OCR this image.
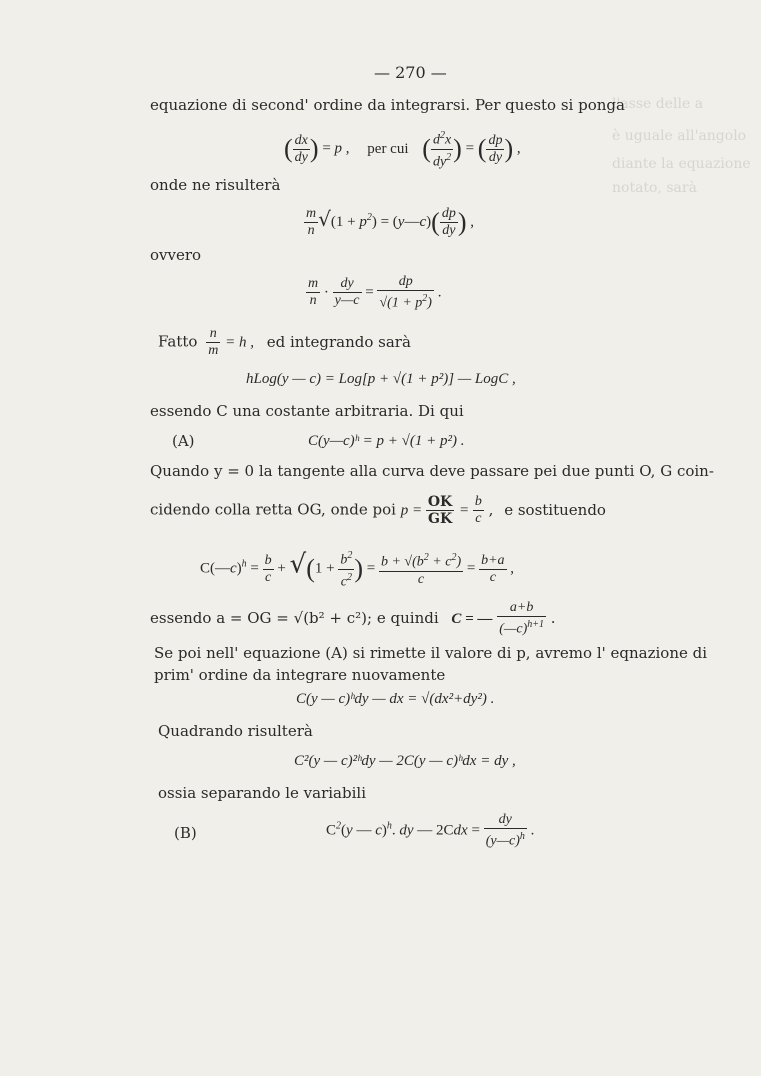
l'asse delle a
è uguale all'angolo
diante la equazione
notato, sarà
— 270 —
equazione di second' ordine da integrarsi. Per questo si ponga
( $\frac{dx}{dy}$ ) = p , per cui ( $\frac{d^2x}{dy^2}$ ) = ( $\frac{dp}{dy}$ ) ,
onde ne risulterà
$\frac{m}{n} √(1 + p^2)$ = (y—c)( $\frac{dp}{dy}$ ) ,
ovvero
$\frac{m}{n} \cdot \frac{dy}{y—c} = \frac{dp}{√(1 + p^2)}$ .
Fatto $\frac{n}{m} = h$ , ed integrando sarà
hLog(y — c) = Log[p + √(1 + p²)] — LogC ,
essendo C una costante arbitraria. Di qui
(A)	C(y—c)ʰ = p + √(1 + p²) .
Quando y = 0 la tangente alla curva deve passare pei due punti O, G coin-
cidendo colla retta OG, onde poi $p = \frac{OK}{GK} = \frac{b}{c}$ , e sostituendo
C(—c)$^h$ = $\frac{b}{c} + √(1 + \frac{b^2}{c^2}$ ) = $\frac{b + √(b^2 + c^2)}{c} = \frac{b+a}{c}$ ,
essendo a = OG = √(b² + c²); e quindi C = — $\frac{a+b}{(—c)^{h+1}}$ .
Se poi nell' equazione (A) si rimette il valore di p, avremo l' eqnazione di
prim' ordine da integrare nuovamente
C(y — c)ʰdy — dx = √(dx²+dy²) .
Quadrando risulterà
C²(y — c)²ʰdy — 2C(y — c)ʰdx = dy ,
ossia separando le variabili
(B)	$C^2(y$ — c)$^h$. dy — $2Cdx = \frac{dy}{(y—c)^h}$ .
